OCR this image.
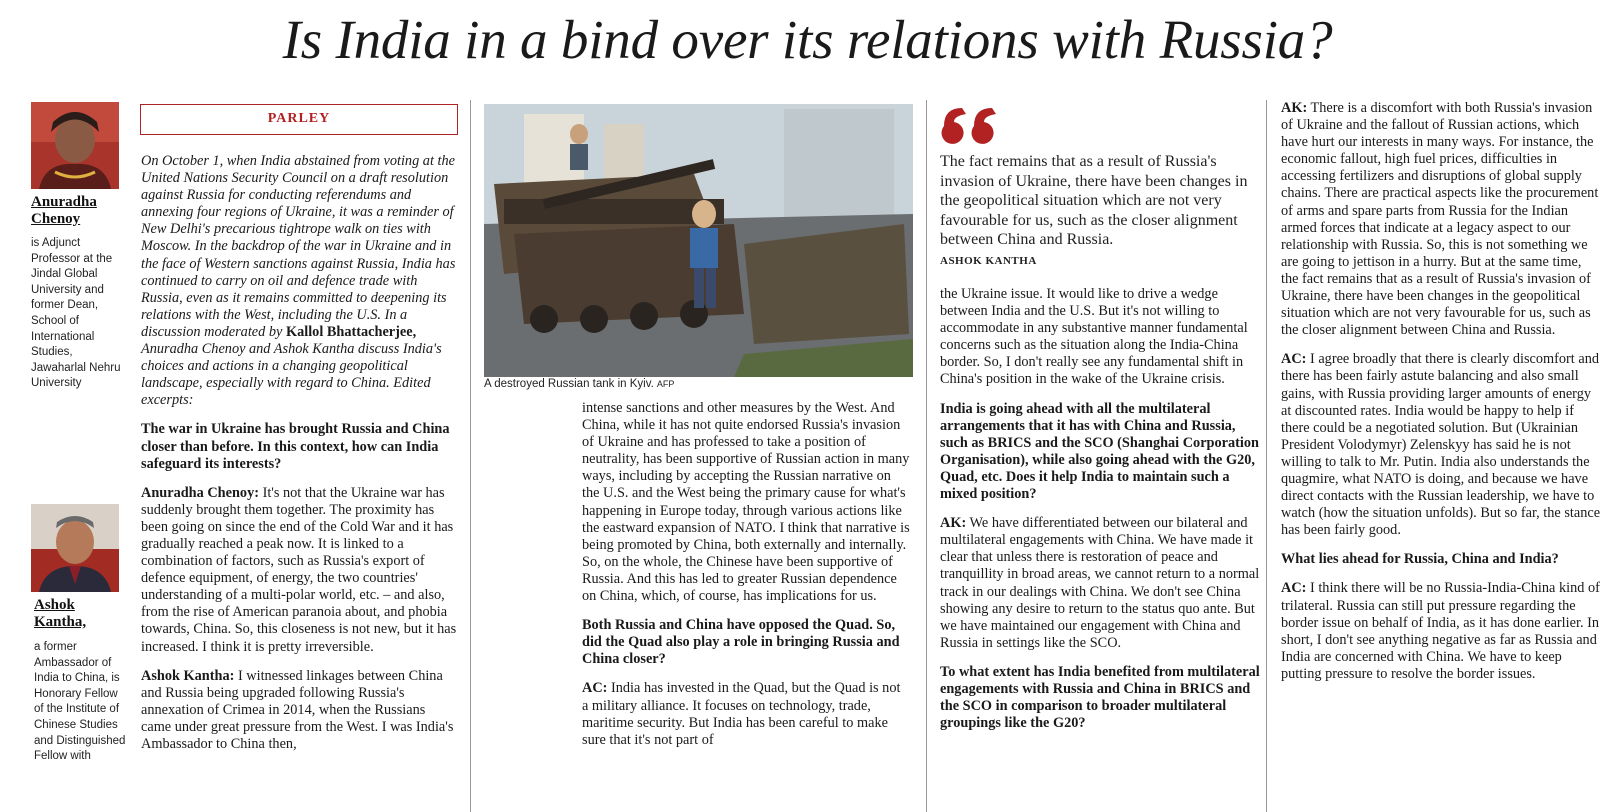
Is India in a bind over its relations with Russia?
Anuradha Chenoy
is Adjunct Professor at the Jindal Global University and former Dean, School of International Studies, Jawaharlal Nehru University
Ashok Kantha,
a former Ambassador of India to China, is Honorary Fellow of the Institute of Chinese Studies and Distinguished Fellow with
PARLEY

On October 1, when India abstained from voting at the United Nations Security Council on a draft resolution against Russia for conducting referendums and annexing four regions of Ukraine, it was a reminder of New Delhi's precarious tightrope walk on ties with Moscow. In the backdrop of the war in Ukraine and in the face of Western sanctions against Russia, India has continued to carry on oil and defence trade with Russia, even as it remains committed to deepening its relations with the West, including the U.S. In a discussion moderated by Kallol Bhattacherjee, Anuradha Chenoy and Ashok Kantha discuss India's choices and actions in a changing geopolitical landscape, especially with regard to China. Edited excerpts:

The war in Ukraine has brought Russia and China closer than before. In this context, how can India safeguard its interests?

Anuradha Chenoy: It's not that the Ukraine war has suddenly brought them together. The proximity has been going on since the end of the Cold War and it has gradually reached a peak now. It is linked to a combination of factors, such as Russia's export of defence equipment, of energy, the two countries' understanding of a multi-polar world, etc. – and also, from the rise of American paranoia about, and phobia towards, China. So, this closeness is not new, but it has increased. I think it is pretty irreversible.

Ashok Kantha: I witnessed linkages between China and Russia being upgraded following Russia's annexation of Crimea in 2014, when the Russians came under great pressure from the West. I was India's Ambassador to China then,

A destroyed Russian tank in Kyiv. AFP

intense sanctions and other measures by the West. And China, while it has not quite endorsed Russia's invasion of Ukraine and has professed to take a position of neutrality, has been supportive of Russian action in many ways, including by accepting the Russian narrative on the U.S. and the West being the primary cause for what's happening in Europe today, through various actions like the eastward expansion of NATO. I think that narrative is being promoted by China, both externally and internally. So, on the whole, the Chinese have been supportive of Russia. And this has led to greater Russian dependence on China, which, of course, has implications for us.

Both Russia and China have opposed the Quad. So, did the Quad also play a role in bringing Russia and China closer?

AC: India has invested in the Quad, but the Quad is not a military alliance. It focuses on technology, trade, maritime security. But India has been careful to make sure that it's not part of

The fact remains that as a result of Russia's invasion of Ukraine, there have been changes in the geopolitical situation which are not very favourable for us, such as the closer alignment between China and Russia.
ASHOK KANTHA

the Ukraine issue. It would like to drive a wedge between India and the U.S. But it's not willing to accommodate in any substantive manner fundamental concerns such as the situation along the India-China border. So, I don't really see any fundamental shift in China's position in the wake of the Ukraine crisis.

India is going ahead with all the multilateral arrangements that it has with China and Russia, such as BRICS and the SCO (Shanghai Corporation Organisation), while also going ahead with the G20, Quad, etc. Does it help India to maintain such a mixed position?

AK: We have differentiated between our bilateral and multilateral engagements with China. We have made it clear that unless there is restoration of peace and tranquillity in broad areas, we cannot return to a normal track in our dealings with China. We don't see China showing any desire to return to the status quo ante. But we have maintained our engagement with China and Russia in settings like the SCO.

To what extent has India benefited from multilateral engagements with Russia and China in BRICS and the SCO in comparison to broader multilateral groupings like the G20?

AK: There is a discomfort with both Russia's invasion of Ukraine and the fallout of Russian actions, which have hurt our interests in many ways. For instance, the economic fallout, high fuel prices, difficulties in accessing fertilizers and disruptions of global supply chains. There are practical aspects like the procurement of arms and spare parts from Russia for the Indian armed forces that indicate at a legacy aspect to our relationship with Russia. So, this is not something we are going to jettison in a hurry. But at the same time, the fact remains that as a result of Russia's invasion of Ukraine, there have been changes in the geopolitical situation which are not very favourable for us, such as the closer alignment between China and Russia.

AC: I agree broadly that there is clearly discomfort and there has been fairly astute balancing and also small gains, with Russia providing larger amounts of energy at discounted rates. India would be happy to help if there could be a negotiated solution. But (Ukrainian President Volodymyr) Zelenskyy has said he is not willing to talk to Mr. Putin. India also understands the quagmire, what NATO is doing, and because we have direct contacts with the Russian leadership, we have to watch (how the situation unfolds). But so far, the stance has been fairly good.

What lies ahead for Russia, China and India?

AC: I think there will be no Russia-India-China kind of trilateral. Russia can still put pressure regarding the border issue on behalf of India, as it has done earlier. In short, I don't see anything negative as far as Russia and India are concerned with China. We have to keep putting pressure to resolve the border issues.
